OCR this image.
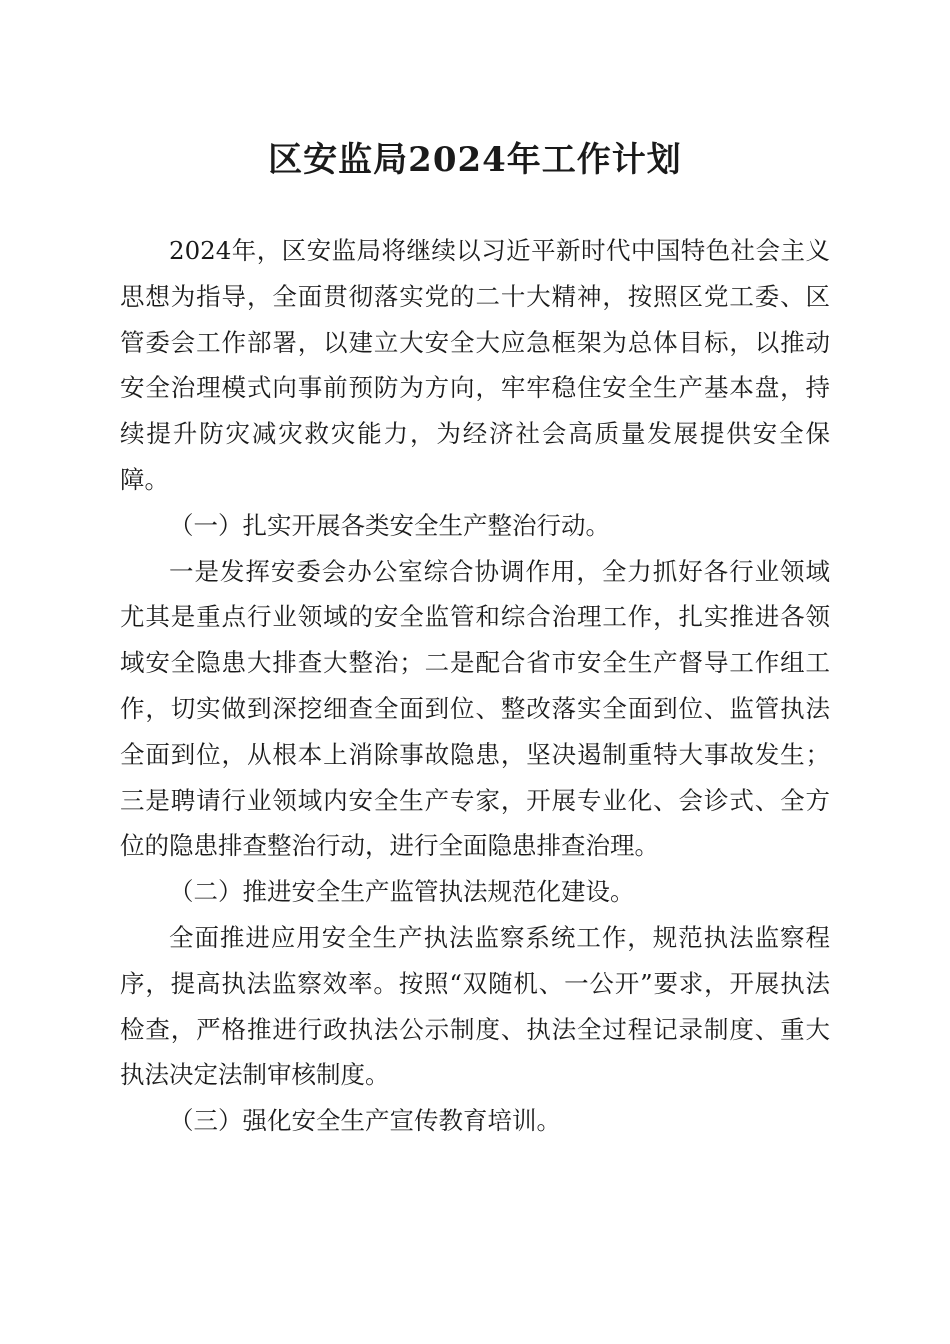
区安监局2024年工作计划

2024年，区安监局将继续以习近平新时代中国特色社会主义思想为指导，全面贯彻落实党的二十大精神，按照区党工委、区管委会工作部署，以建立大安全大应急框架为总体目标，以推动安全治理模式向事前预防为方向，牢牢稳住安全生产基本盘，持续提升防灾减灾救灾能力，为经济社会高质量发展提供安全保障。

（一）扎实开展各类安全生产整治行动。

一是发挥安委会办公室综合协调作用，全力抓好各行业领域尤其是重点行业领域的安全监管和综合治理工作，扎实推进各领域安全隐患大排查大整治；二是配合省市安全生产督导工作组工作，切实做到深挖细查全面到位、整改落实全面到位、监管执法全面到位，从根本上消除事故隐患，坚决遏制重特大事故发生；三是聘请行业领域内安全生产专家，开展专业化、会诊式、全方位的隐患排查整治行动，进行全面隐患排查治理。

（二）推进安全生产监管执法规范化建设。

全面推进应用安全生产执法监察系统工作，规范执法监察程序，提高执法监察效率。按照“双随机、一公开”要求，开展执法检查，严格推进行政执法公示制度、执法全过程记录制度、重大执法决定法制审核制度。

（三）强化安全生产宣传教育培训。
